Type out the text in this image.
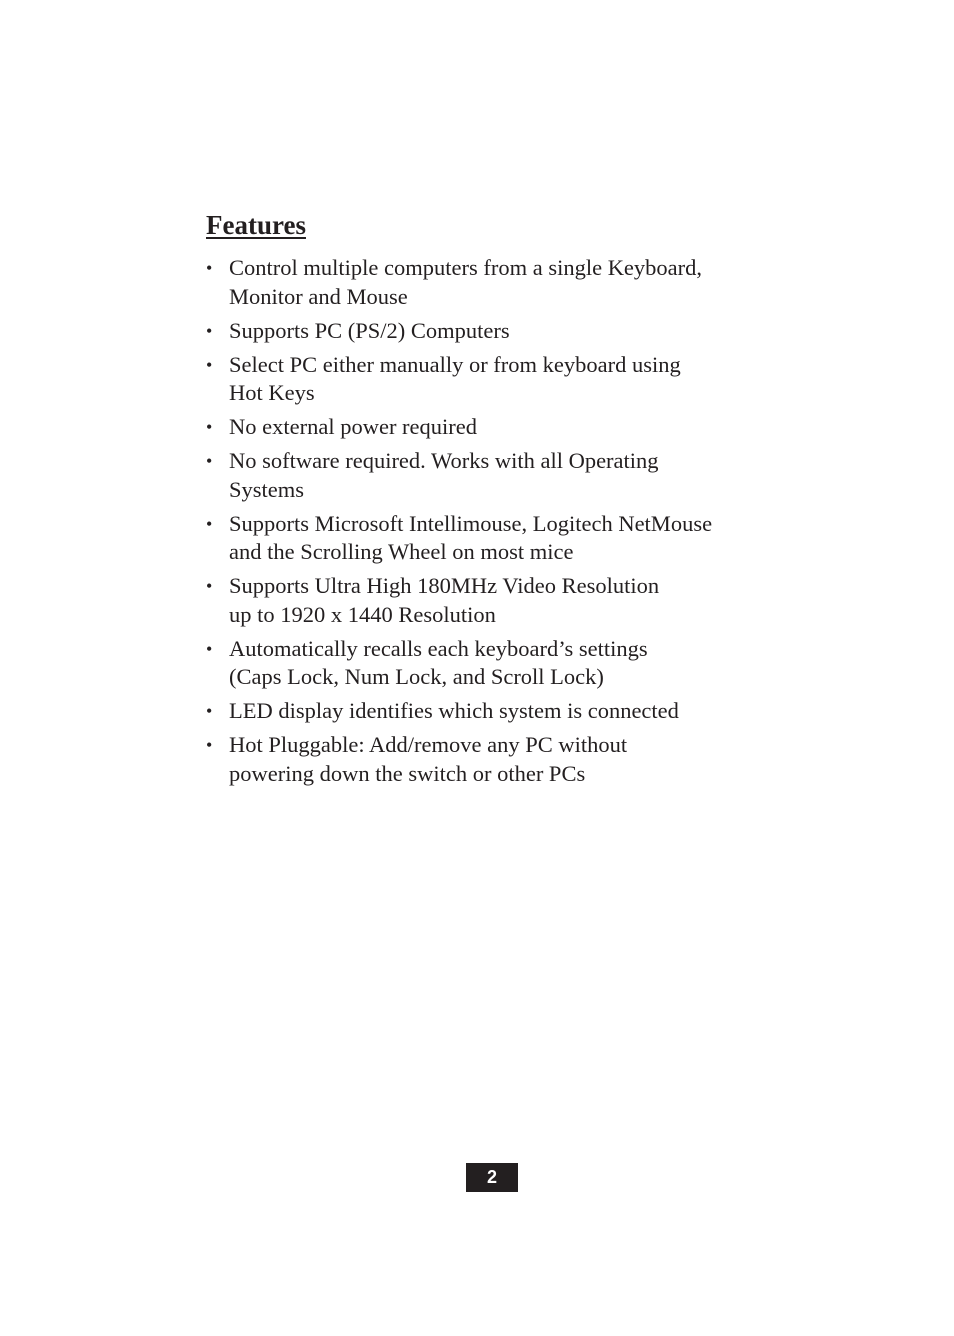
Features
• Control multiple computers from a single Keyboard,
Monitor and Mouse
• Supports PC (PS/2) Computers
• Select PC either manually or from keyboard using
Hot Keys
• No external power required
• No software required. Works with all Operating
Systems
• Supports Microsoft Intellimouse, Logitech NetMouse
and the Scrolling Wheel on most mice
• Supports Ultra High 180MHz Video Resolution
up to 1920 x 1440 Resolution
• Automatically recalls each keyboard’s settings
(Caps Lock, Num Lock, and Scroll Lock)
• LED display identifies which system is connected
• Hot Pluggable: Add/remove any PC without
powering down the switch or other PCs
2
